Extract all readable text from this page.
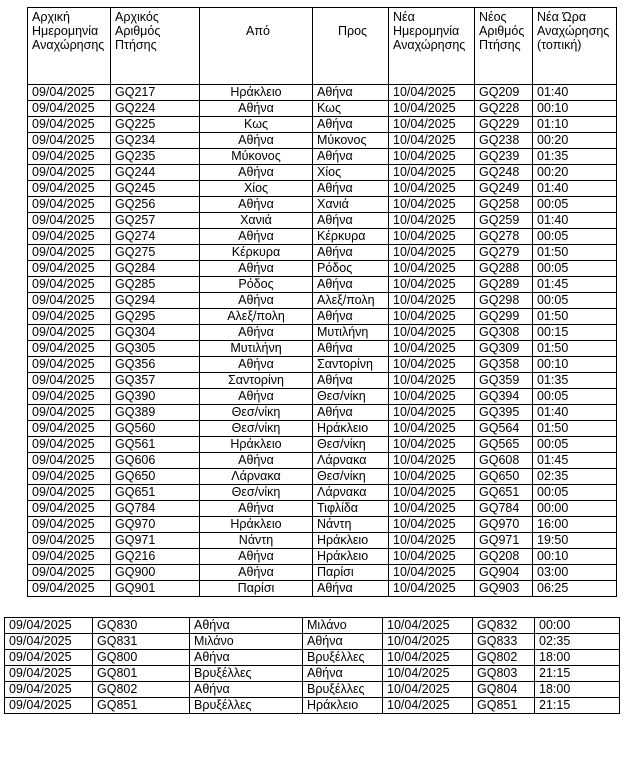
Αρχική Ημερομηνία Αναχώρησης	Αρχικός Αριθμός Πτήσης	Από	Προς	Νέα Ημερομηνία Αναχώρησης	Νέος Αριθμός Πτήσης	Νέα Ώρα Αναχώρησης (τοπική)
09/04/2025	GQ217	Ηράκλειο	Αθήνα	10/04/2025	GQ209	01:40
09/04/2025	GQ224	Αθήνα	Κως	10/04/2025	GQ228	00:10
09/04/2025	GQ225	Κως	Αθήνα	10/04/2025	GQ229	01:10
09/04/2025	GQ234	Αθήνα	Μύκονος	10/04/2025	GQ238	00:20
09/04/2025	GQ235	Μύκονος	Αθήνα	10/04/2025	GQ239	01:35
09/04/2025	GQ244	Αθήνα	Χίος	10/04/2025	GQ248	00:20
09/04/2025	GQ245	Χίος	Αθήνα	10/04/2025	GQ249	01:40
09/04/2025	GQ256	Αθήνα	Χανιά	10/04/2025	GQ258	00:05
09/04/2025	GQ257	Χανιά	Αθήνα	10/04/2025	GQ259	01:40
09/04/2025	GQ274	Αθήνα	Κέρκυρα	10/04/2025	GQ278	00:05
09/04/2025	GQ275	Κέρκυρα	Αθήνα	10/04/2025	GQ279	01:50
09/04/2025	GQ284	Αθήνα	Ρόδος	10/04/2025	GQ288	00:05
09/04/2025	GQ285	Ρόδος	Αθήνα	10/04/2025	GQ289	01:45
09/04/2025	GQ294	Αθήνα	Αλεξ/πολη	10/04/2025	GQ298	00:05
09/04/2025	GQ295	Αλεξ/πολη	Αθήνα	10/04/2025	GQ299	01:50
09/04/2025	GQ304	Αθήνα	Μυτιλήνη	10/04/2025	GQ308	00:15
09/04/2025	GQ305	Μυτιλήνη	Αθήνα	10/04/2025	GQ309	01:50
09/04/2025	GQ356	Αθήνα	Σαντορίνη	10/04/2025	GQ358	00:10
09/04/2025	GQ357	Σαντορίνη	Αθήνα	10/04/2025	GQ359	01:35
09/04/2025	GQ390	Αθήνα	Θεσ/νίκη	10/04/2025	GQ394	00:05
09/04/2025	GQ389	Θεσ/νίκη	Αθήνα	10/04/2025	GQ395	01:40
09/04/2025	GQ560	Θεσ/νίκη	Ηράκλειο	10/04/2025	GQ564	01:50
09/04/2025	GQ561	Ηράκλειο	Θεσ/νίκη	10/04/2025	GQ565	00:05
09/04/2025	GQ606	Αθήνα	Λάρνακα	10/04/2025	GQ608	01:45
09/04/2025	GQ650	Λάρνακα	Θεσ/νίκη	10/04/2025	GQ650	02:35
09/04/2025	GQ651	Θεσ/νίκη	Λάρνακα	10/04/2025	GQ651	00:05
09/04/2025	GQ784	Αθήνα	Τιφλίδα	10/04/2025	GQ784	00:00
09/04/2025	GQ970	Ηράκλειο	Νάντη	10/04/2025	GQ970	16:00
09/04/2025	GQ971	Νάντη	Ηράκλειο	10/04/2025	GQ971	19:50
09/04/2025	GQ216	Αθήνα	Ηράκλειο	10/04/2025	GQ208	00:10
09/04/2025	GQ900	Αθήνα	Παρίσι	10/04/2025	GQ904	03:00
09/04/2025	GQ901	Παρίσι	Αθήνα	10/04/2025	GQ903	06:25
09/04/2025	GQ830	Αθήνα	Μιλάνο	10/04/2025	GQ832	00:00
09/04/2025	GQ831	Μιλάνο	Αθήνα	10/04/2025	GQ833	02:35
09/04/2025	GQ800	Αθήνα	Βρυξέλλες	10/04/2025	GQ802	18:00
09/04/2025	GQ801	Βρυξέλλες	Αθήνα	10/04/2025	GQ803	21:15
09/04/2025	GQ802	Αθήνα	Βρυξέλλες	10/04/2025	GQ804	18:00
09/04/2025	GQ851	Βρυξέλλες	Ηράκλειο	10/04/2025	GQ851	21:15
